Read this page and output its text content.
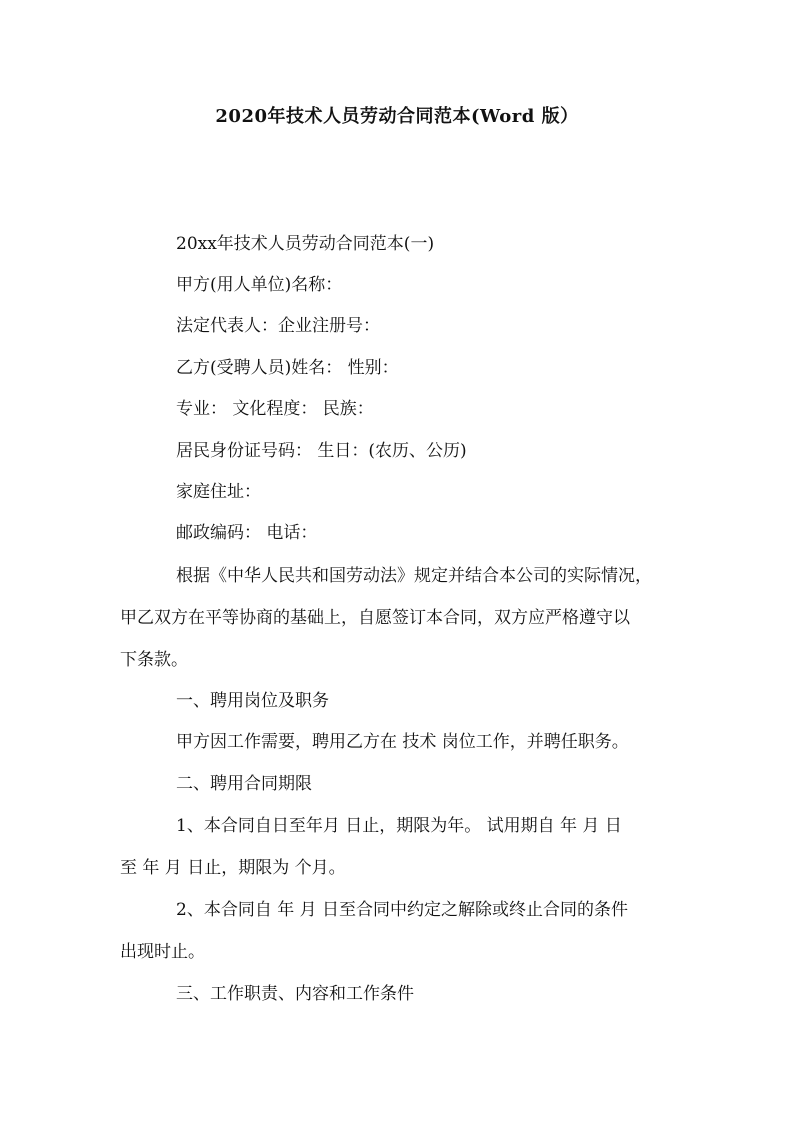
2020年技术人员劳动合同范本(Word 版）
20xx年技术人员劳动合同范本(一)
甲方(用人单位)名称：
法定代表人：企业注册号：
乙方(受聘人员)姓名： 性别：
专业： 文化程度： 民族：
居民身份证号码： 生日：(农历、公历)
家庭住址：
邮政编码： 电话：
根据《中华人民共和国劳动法》规定并结合本公司的实际情况，
甲乙双方在平等协商的基础上，自愿签订本合同，双方应严格遵守以
下条款。
一、聘用岗位及职务
甲方因工作需要，聘用乙方在 技术 岗位工作，并聘任职务。
二、聘用合同期限
1、本合同自日至年月 日止，期限为年。 试用期自 年 月 日
至 年 月 日止，期限为 个月。
2、本合同自 年 月 日至合同中约定之解除或终止合同的条件
出现时止。
三、工作职责、内容和工作条件
